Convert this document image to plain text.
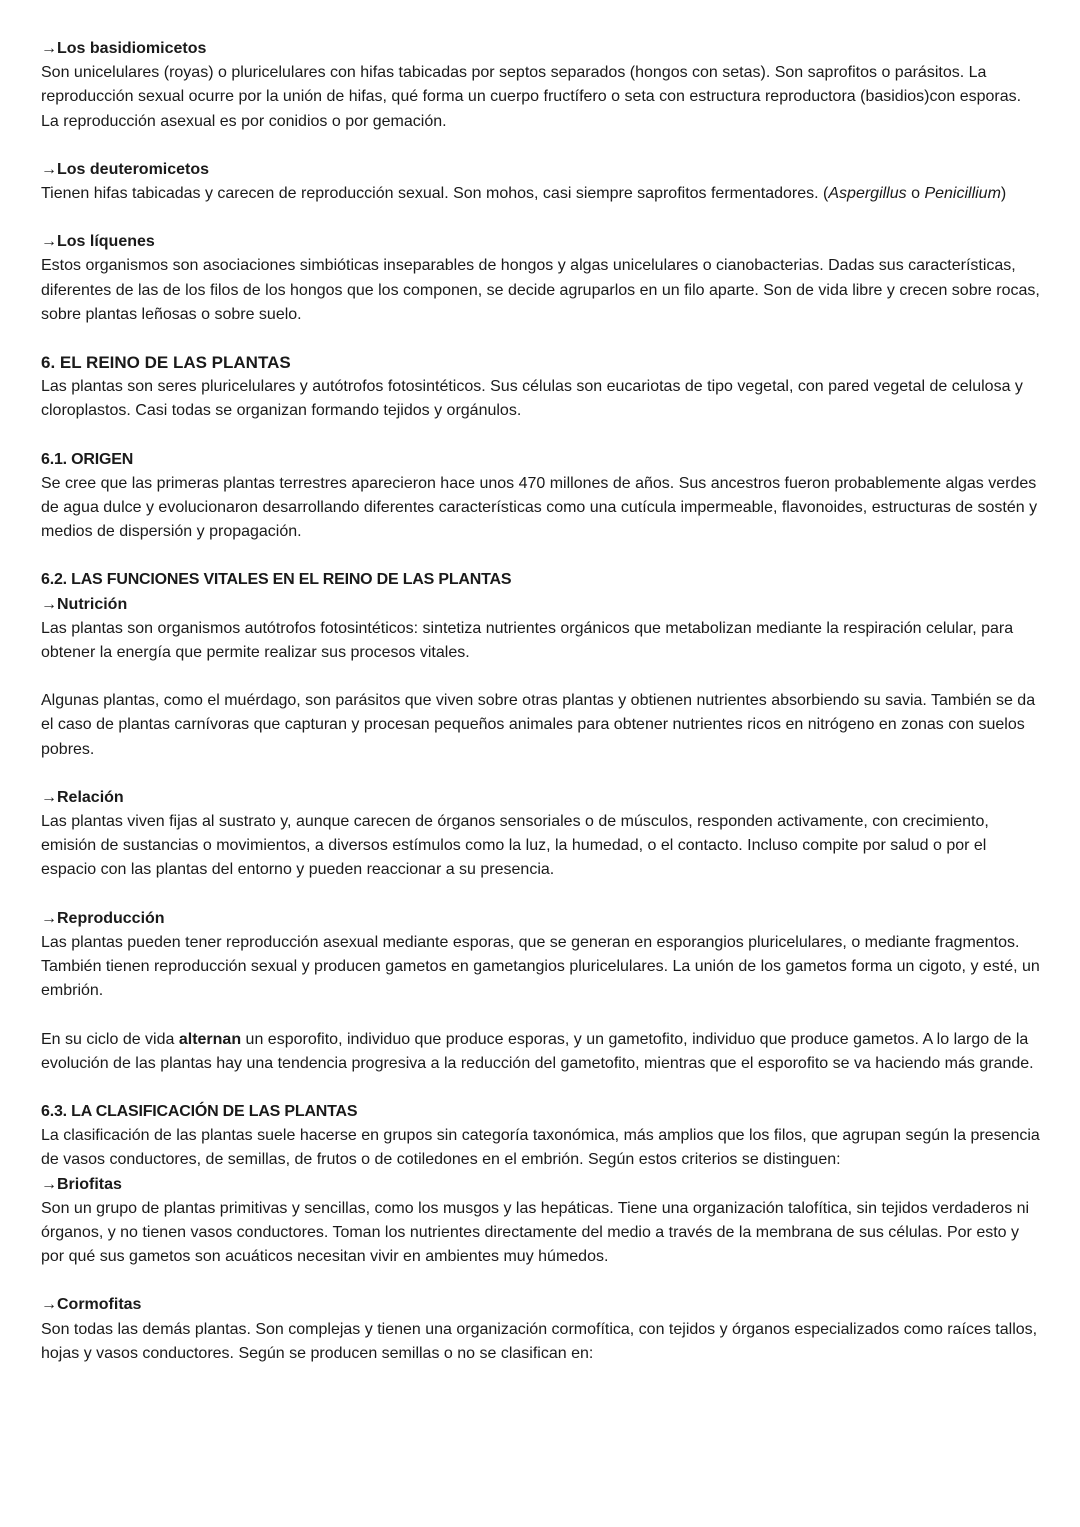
→Los basidiomicetos

Son unicelulares (royas) o pluricelulares con hifas tabicadas por septos separados (hongos con setas). Son saprofitos o parásitos. La reproducción sexual ocurre por la unión de hifas, qué forma un cuerpo fructífero o seta con estructura reproductora (basidios)con esporas. La reproducción asexual es por conidios o por gemación.

→Los deuteromicetos

Tienen hifas tabicadas y carecen de reproducción sexual. Son mohos, casi siempre saprofitos fermentadores. (Aspergillus o Penicillium)

→Los líquenes

Estos organismos son asociaciones simbióticas inseparables de hongos y algas unicelulares o cianobacterias. Dadas sus características, diferentes de las de los filos de los hongos que los componen, se decide agruparlos en un filo aparte. Son de vida libre y crecen sobre rocas, sobre plantas leñosas o sobre suelo.

6. EL REINO DE LAS PLANTAS

Las plantas son seres pluricelulares y autótrofos fotosintéticos. Sus células son eucariotas de tipo vegetal, con pared vegetal de celulosa y cloroplastos. Casi todas se organizan formando tejidos y orgánulos.

6.1. ORIGEN

Se cree que las primeras plantas terrestres aparecieron hace unos 470 millones de años. Sus ancestros fueron probablemente algas verdes de agua dulce y evolucionaron desarrollando diferentes características como una cutícula impermeable, flavonoides, estructuras de sostén y medios de dispersión y propagación.

6.2. LAS FUNCIONES VITALES EN EL REINO DE LAS PLANTAS
→Nutrición

Las plantas son organismos autótrofos fotosintéticos: sintetiza nutrientes orgánicos que metabolizan mediante la respiración celular, para obtener la energía que permite realizar sus procesos vitales.

Algunas plantas, como el muérdago, son parásitos que viven sobre otras plantas y obtienen nutrientes absorbiendo su savia. También se da el caso de plantas carnívoras que capturan y procesan pequeños animales para obtener nutrientes ricos en nitrógeno en zonas con suelos pobres.

→Relación

Las plantas viven fijas al sustrato y, aunque carecen de órganos sensoriales o de músculos, responden activamente, con crecimiento, emisión de sustancias o movimientos, a diversos estímulos como la luz, la humedad, o el contacto. Incluso compite por salud o por el espacio con las plantas del entorno y pueden reaccionar a su presencia.

→Reproducción

Las plantas pueden tener reproducción asexual mediante esporas, que se generan en esporangios pluricelulares, o mediante fragmentos. También tienen reproducción sexual y producen gametos en gametangios pluricelulares. La unión de los gametos forma un cigoto, y esté, un embrión.

En su ciclo de vida alternan un esporofito, individuo que produce esporas, y un gametofito, individuo que produce gametos. A lo largo de la evolución de las plantas hay una tendencia progresiva a la reducción del gametofito, mientras que el esporofito se va haciendo más grande.

6.3. LA CLASIFICACIÓN DE LAS PLANTAS

La clasificación de las plantas suele hacerse en grupos sin categoría taxonómica, más amplios que los filos, que agrupan según la presencia de vasos conductores, de semillas, de frutos o de cotiledones en el embrión. Según estos criterios se distinguen:

→Briofitas

Son un grupo de plantas primitivas y sencillas, como los musgos y las hepáticas. Tiene una organización talofítica, sin tejidos verdaderos ni órganos, y no tienen vasos conductores. Toman los nutrientes directamente del medio a través de la membrana de sus células. Por esto y por qué sus gametos son acuáticos necesitan vivir en ambientes muy húmedos.

→Cormofitas

Son todas las demás plantas. Son complejas y tienen una organización cormofítica, con tejidos y órganos especializados como raíces tallos, hojas y vasos conductores. Según se producen semillas o no se clasifican en:
